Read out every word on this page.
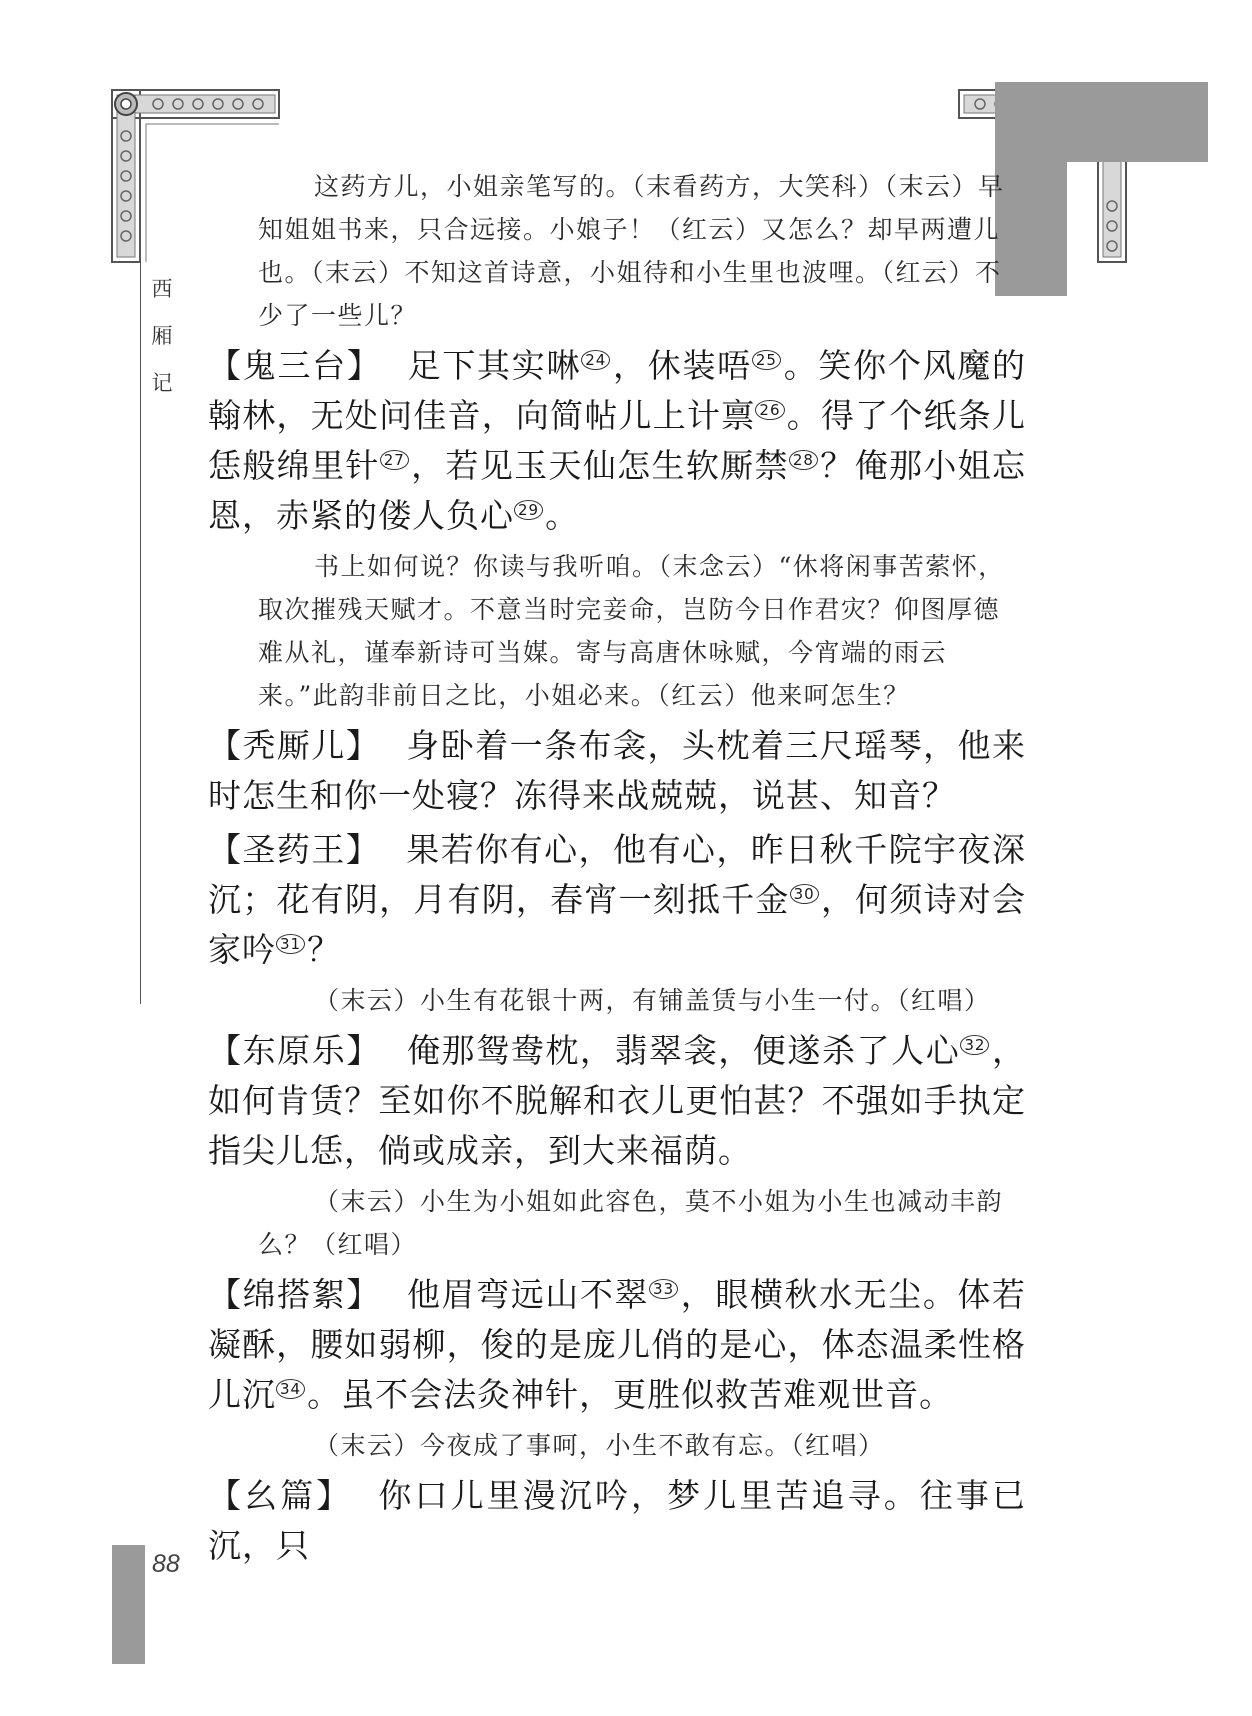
西
厢
记

这药方儿，小姐亲笔写的。（末看药方，大笑科）（末云）早知姐姐书来，只合远接。小娘子！（红云）又怎么？却早两遭儿也。（末云）不知这首诗意，小姐待和小生里也波哩。（红云）不少了一些儿？

【鬼三台】 足下其实啉 $^{24}$ ，休装唔 $^{25}$ 。笑你个风魔的翰林，无处问佳音，向简帖儿上计禀 $^{26}$ 。得了个纸条儿恁般绵里针 $^{27}$ ，若见玉天仙怎生软厮禁 $^{28}$ ？俺那小姐忘恩，赤紧的偻人负心 $^{29}$ 。

书上如何说？你读与我听咱。（末念云）“休将闲事苦萦怀，取次摧残天赋才。不意当时完妾命，岂防今日作君灾？仰图厚德难从礼，谨奉新诗可当媒。寄与高唐休咏赋，今宵端的雨云来。”此韵非前日之比，小姐必来。（红云）他来呵怎生？

【秃厮儿】 身卧着一条布衾，头枕着三尺瑶琴，他来时怎生和你一处寝？冻得来战兢兢，说甚、知音？

【圣药王】 果若你有心，他有心，昨日秋千院宇夜深沉；花有阴，月有阴，春宵一刻抵千金 $^{30}$ ，何须诗对会家吟 $^{31}$ ？

（末云）小生有花银十两，有铺盖赁与小生一付。（红唱）

【东原乐】 俺那鸳鸯枕，翡翠衾，便遂杀了人心 $^{32}$ ，如何肯赁？至如你不脱解和衣儿更怕甚？不强如手执定指尖儿恁，倘或成亲，到大来福荫。

（末云）小生为小姐如此容色，莫不小姐为小生也减动丰韵么？（红唱）

【绵搭絮】 他眉弯远山不翠 $^{33}$ ，眼横秋水无尘。体若凝酥，腰如弱柳，俊的是庞儿俏的是心，体态温柔性格儿沉 $^{34}$ 。虽不会法灸神针，更胜似救苦难观世音。

（末云）今夜成了事呵，小生不敢有忘。（红唱）

【幺篇】 你口儿里漫沉吟，梦儿里苦追寻。往事已沉，只

88
